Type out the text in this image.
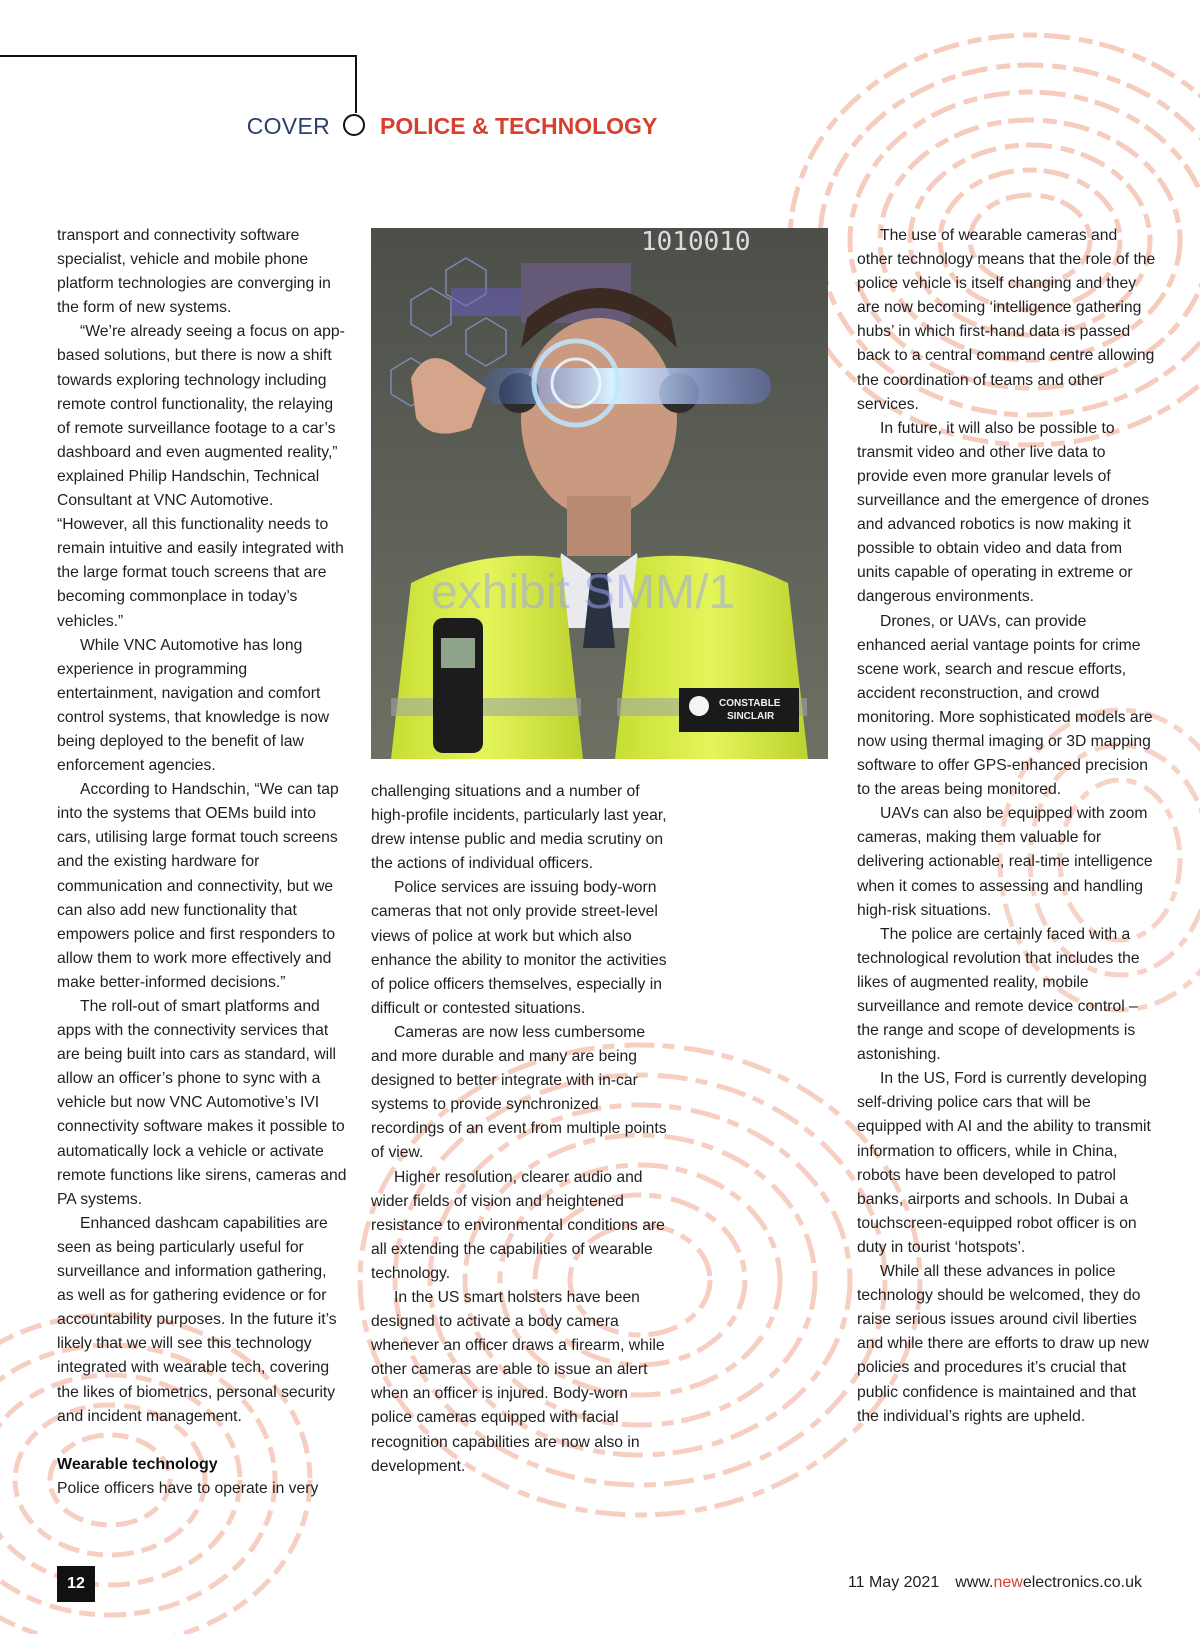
COVER POLICE & TECHNOLOGY

transport and connectivity software specialist, vehicle and mobile phone platform technologies are converging in the form of new systems.

“We’re already seeing a focus on app-based solutions, but there is now a shift towards exploring technology including remote control functionality, the relaying of remote surveillance footage to a car’s dashboard and even augmented reality,” explained Philip Handschin, Technical Consultant at VNC Automotive. “However, all this functionality needs to remain intuitive and easily integrated with the large format touch screens that are becoming commonplace in today’s vehicles.”

While VNC Automotive has long experience in programming entertainment, navigation and comfort control systems, that knowledge is now being deployed to the benefit of law enforcement agencies.

According to Handschin, “We can tap into the systems that OEMs build into cars, utilising large format touch screens and the existing hardware for communication and connectivity, but we can also add new functionality that empowers police and first responders to allow them to work more effectively and make better-informed decisions.”

The roll-out of smart platforms and apps with the connectivity services that are being built into cars as standard, will allow an officer’s phone to sync with a vehicle but now VNC Automotive’s IVI connectivity software makes it possible to automatically lock a vehicle or activate remote functions like sirens, cameras and PA systems.

Enhanced dashcam capabilities are seen as being particularly useful for surveillance and information gathering, as well as for gathering evidence or for accountability purposes. In the future it’s likely that we will see this technology integrated with wearable tech, covering the likes of biometrics, personal security and incident management.

Wearable technology

Police officers have to operate in very

CONSTABLE
SINCLAIR
1010010
exhibit SMM/1

challenging situations and a number of high-profile incidents, particularly last year, drew intense public and media scrutiny on the actions of individual officers.

Police services are issuing body-worn cameras that not only provide street-level views of police at work but which also enhance the ability to monitor the activities of police officers themselves, especially in difficult or contested situations.

Cameras are now less cumbersome and more durable and many are being designed to better integrate with in-car systems to provide synchronized recordings of an event from multiple points of view.

Higher resolution, clearer audio and wider fields of vision and heightened resistance to environmental conditions are all extending the capabilities of wearable technology.

In the US smart holsters have been designed to activate a body camera whenever an officer draws a firearm, while other cameras are able to issue an alert when an officer is injured. Body-worn police cameras equipped with facial recognition capabilities are now also in development.

The use of wearable cameras and other technology means that the role of the police vehicle is itself changing and they are now becoming ‘intelligence gathering hubs’ in which first-hand data is passed back to a central command centre allowing the coordination of teams and other services.

In future, it will also be possible to transmit video and other live data to provide even more granular levels of surveillance and the emergence of drones and advanced robotics is now making it possible to obtain video and data from units capable of operating in extreme or dangerous environments.

Drones, or UAVs, can provide enhanced aerial vantage points for crime scene work, search and rescue efforts, accident reconstruction, and crowd monitoring. More sophisticated models are now using thermal imaging or 3D mapping software to offer GPS-enhanced precision to the areas being monitored.

UAVs can also be equipped with zoom cameras, making them valuable for delivering actionable, real-time intelligence when it comes to assessing and handling high-risk situations.

The police are certainly faced with a technological revolution that includes the likes of augmented reality, mobile surveillance and remote device control – the range and scope of developments is astonishing.

In the US, Ford is currently developing self-driving police cars that will be equipped with AI and the ability to transmit information to officers, while in China, robots have been developed to patrol banks, airports and schools. In Dubai a touchscreen-equipped robot officer is on duty in tourist ‘hotspots’.

While all these advances in police technology should be welcomed, they do raise serious issues around civil liberties and while there are efforts to draw up new policies and procedures it’s crucial that public confidence is maintained and that the individual’s rights are upheld.

12	11 May 2021 www.newelectronics.co.uk
